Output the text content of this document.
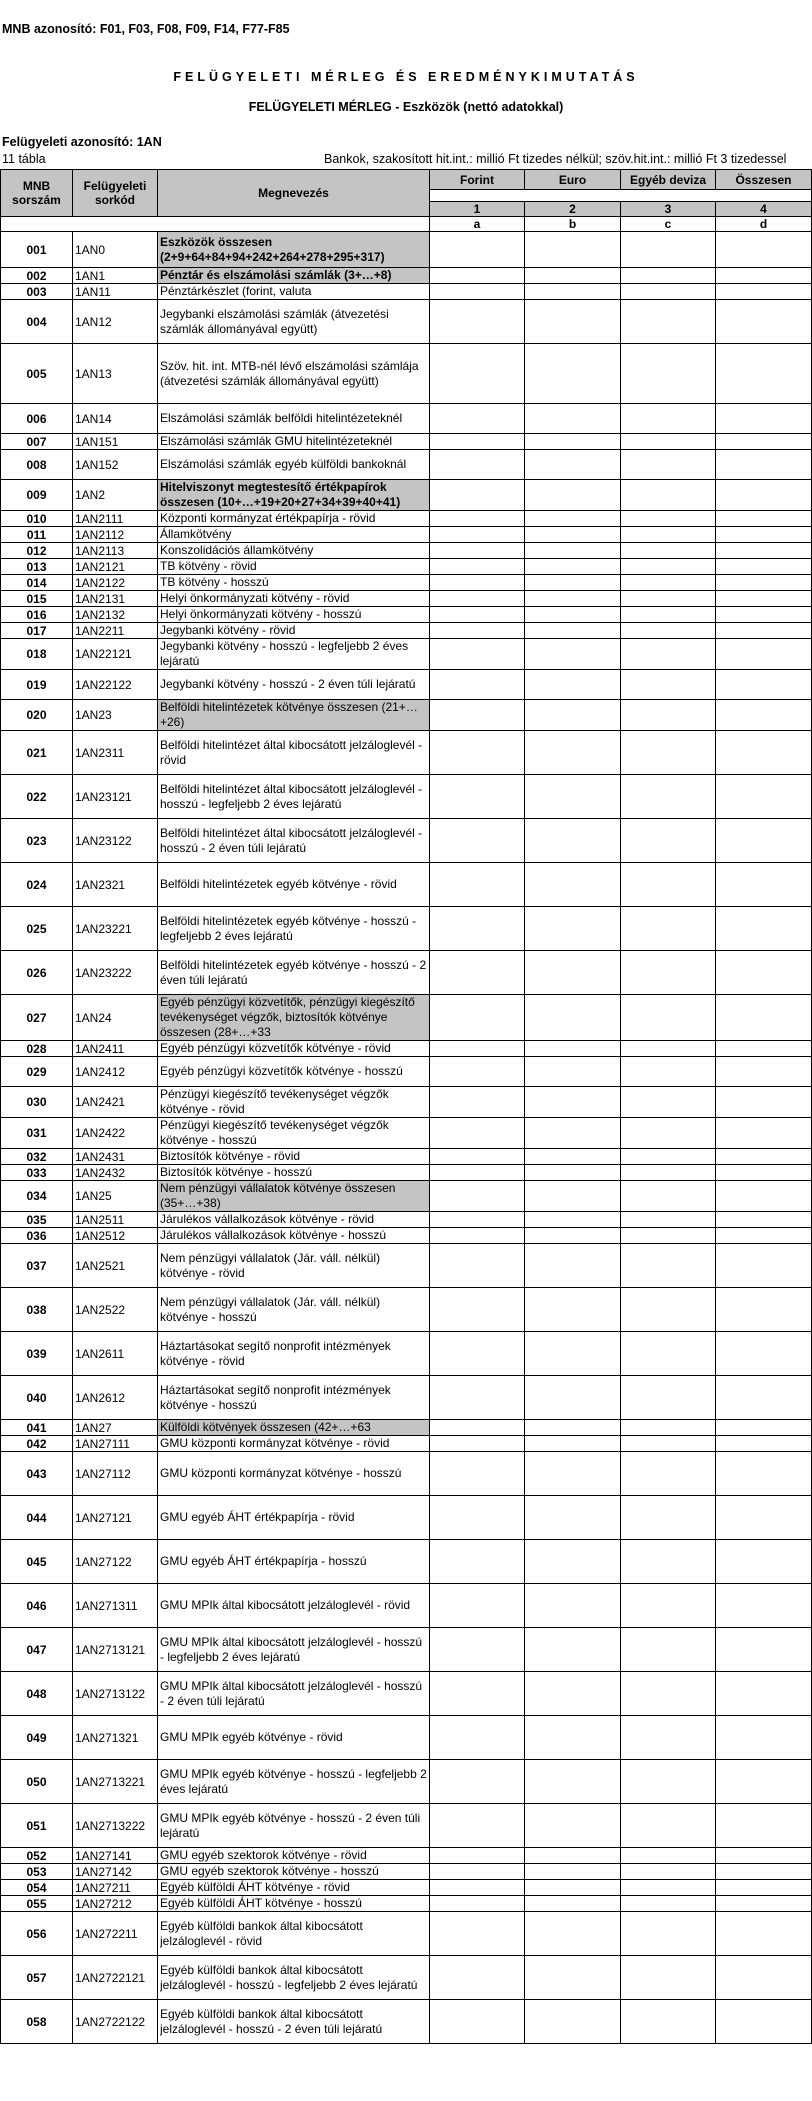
MNB azonosító: F01, F03, F08, F09, F14, F77-F85
FELÜGYELETI MÉRLEG ÉS EREDMÉNYKIMUTATÁS
FELÜGYELETI MÉRLEG - Eszközök (nettó adatokkal)
Felügyeleti azonosító: 1AN
11 tábla	Bankok, szakosított hit.int.: millió Ft tizedes nélkül; szöv.hit.int.: millió Ft 3 tizedessel
MNB sorszám	Felügyeleti sorkód	Megnevezés	Forint	Euro	Egyéb deviza	Összesen

			1	2	3	4
			a	b	c	d
001	1AN0	Eszközök összesen (2+9+64+84+94+242+264+278+295+317)				

002	1AN1	Pénztár és elszámolási számlák (3+…+8)				

003	1AN11	Pénztárkészlet (forint, valuta				

004	1AN12	Jegybanki elszámolási számlák (átvezetési számlák állományával együtt)				

005	1AN13	Szöv. hit. int. MTB-nél lévő elszámolási számlája (átvezetési számlák állományával együtt)				

006	1AN14	Elszámolási számlák belföldi hitelintézeteknél				

007	1AN151	Elszámolási számlák GMU hitelintézeteknél				

008	1AN152	Elszámolási számlák egyéb külföldi bankoknál				

009	1AN2	Hitelviszonyt megtestesítő értékpapírok összesen (10+…+19+20+27+34+39+40+41)				

010	1AN2111	Központi kormányzat értékpapírja - rövid				

011	1AN2112	Államkötvény				

012	1AN2113	Konszolidációs államkötvény				

013	1AN2121	TB kötvény - rövid				

014	1AN2122	TB kötvény - hosszú				

015	1AN2131	Helyi önkormányzati kötvény - rövid				

016	1AN2132	Helyi önkormányzati kötvény - hosszú				

017	1AN2211	Jegybanki kötvény - rövid				

018	1AN22121	Jegybanki kötvény - hosszú - legfeljebb 2 éves lejáratú				

019	1AN22122	Jegybanki kötvény - hosszú - 2 éven túli lejáratú				

020	1AN23	Belföldi hitelintézetek kötvénye összesen (21+…+26)				

021	1AN2311	Belföldi hitelintézet által kibocsátott jelzáloglevél - rövid				

022	1AN23121	Belföldi hitelintézet által kibocsátott jelzáloglevél - hosszú - legfeljebb 2 éves lejáratú				

023	1AN23122	Belföldi hitelintézet által kibocsátott jelzáloglevél - hosszú - 2 éven túli lejáratú				

024	1AN2321	Belföldi hitelintézetek egyéb kötvénye - rövid				

025	1AN23221	Belföldi hitelintézetek egyéb kötvénye - hosszú - legfeljebb 2 éves lejáratú				

026	1AN23222	Belföldi hitelintézetek egyéb kötvénye - hosszú - 2 éven túli lejáratú				

027	1AN24	Egyéb pénzügyi közvetítők, pénzügyi kiegészítő tevékenységet végzők, biztosítók kötvénye összesen (28+…+33				

028	1AN2411	Egyéb pénzügyi közvetítők kötvénye - rövid				

029	1AN2412	Egyéb pénzügyi közvetítők kötvénye - hosszú				

030	1AN2421	Pénzügyi kiegészítő tevékenységet végzők kötvénye - rövid				

031	1AN2422	Pénzügyi kiegészítő tevékenységet végzők kötvénye - hosszú				

032	1AN2431	Biztosítók kötvénye - rövid				

033	1AN2432	Biztosítók kötvénye - hosszú				

034	1AN25	Nem pénzügyi vállalatok kötvénye összesen (35+…+38)				

035	1AN2511	Járulékos vállalkozások kötvénye - rövid				

036	1AN2512	Járulékos vállalkozások kötvénye - hosszú				

037	1AN2521	Nem pénzügyi vállalatok (Jár. váll. nélkül) kötvénye - rövid				

038	1AN2522	Nem pénzügyi vállalatok (Jár. váll. nélkül) kötvénye - hosszú				

039	1AN2611	Háztartásokat segítő nonprofit intézmények kötvénye - rövid				

040	1AN2612	Háztartásokat segítő nonprofit intézmények kötvénye - hosszú				

041	1AN27	Külföldi kötvények összesen (42+…+63				

042	1AN27111	GMU központi kormányzat kötvénye - rövid				

043	1AN27112	GMU központi kormányzat kötvénye - hosszú				

044	1AN27121	GMU egyéb ÁHT értékpapírja - rövid				

045	1AN27122	GMU egyéb ÁHT értékpapírja - hosszú				

046	1AN271311	GMU MPIk által kibocsátott jelzáloglevél - rövid				

047	1AN2713121	GMU MPIk által kibocsátott jelzáloglevél - hosszú - legfeljebb 2 éves lejáratú				

048	1AN2713122	GMU MPIk által kibocsátott jelzáloglevél - hosszú - 2 éven túli lejáratú				

049	1AN271321	GMU MPIk egyéb kötvénye - rövid				

050	1AN2713221	GMU MPIk egyéb kötvénye - hosszú - legfeljebb 2 éves lejáratú				

051	1AN2713222	GMU MPIk egyéb kötvénye - hosszú - 2 éven túli lejáratú				

052	1AN27141	GMU egyéb szektorok kötvénye - rövid				

053	1AN27142	GMU egyéb szektorok kötvénye - hosszú				

054	1AN27211	Egyéb külföldi ÁHT kötvénye - rövid				

055	1AN27212	Egyéb külföldi ÁHT kötvénye - hosszú				

056	1AN272211	Egyéb külföldi bankok által kibocsátott jelzáloglevél - rövid				

057	1AN2722121	Egyéb külföldi bankok által kibocsátott jelzáloglevél - hosszú - legfeljebb 2 éves lejáratú				

058	1AN2722122	Egyéb külföldi bankok által kibocsátott jelzáloglevél - hosszú - 2 éven túli lejáratú				
